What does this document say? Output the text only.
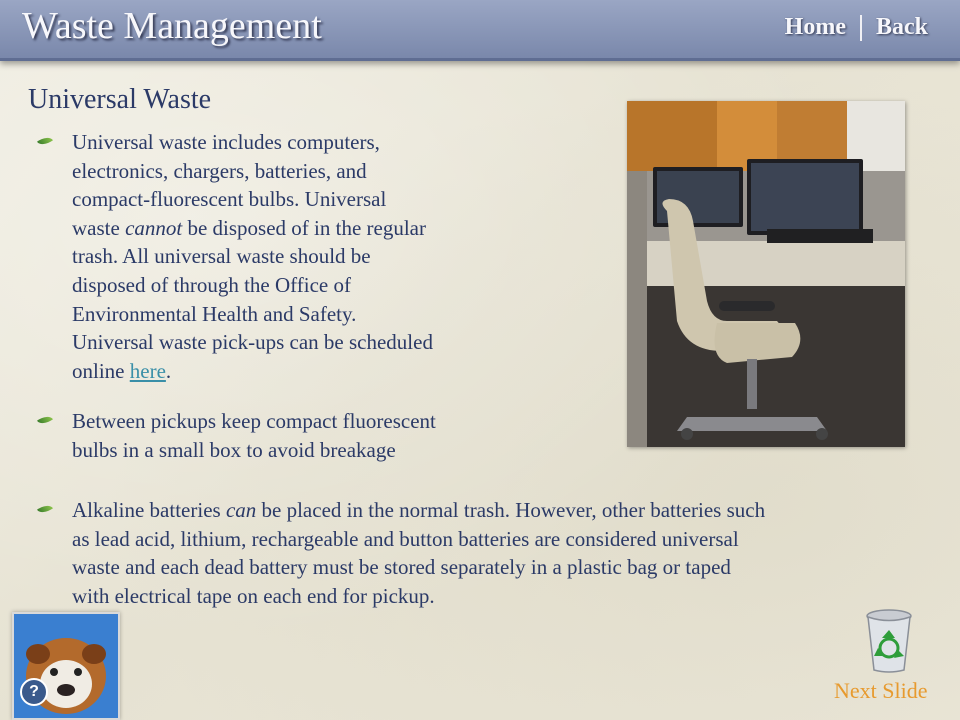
Waste Management	Home Back
Universal Waste
Universal waste includes computers,
electronics, chargers, batteries, and
compact-fluorescent bulbs. Universal
waste cannot be disposed of in the regular
trash. All universal waste should be
disposed of through the Office of
Environmental Health and Safety.
Universal waste pick-ups can be scheduled
online here.
Between pickups keep compact fluorescent
bulbs in a small box to avoid breakage
Alkaline batteries can be placed in the normal trash. However, other batteries such
as lead acid, lithium, rechargeable and button batteries are considered universal
waste and each dead battery must be stored separately in a plastic bag or taped
with electrical tape on each end for pickup.
?	Next Slide
